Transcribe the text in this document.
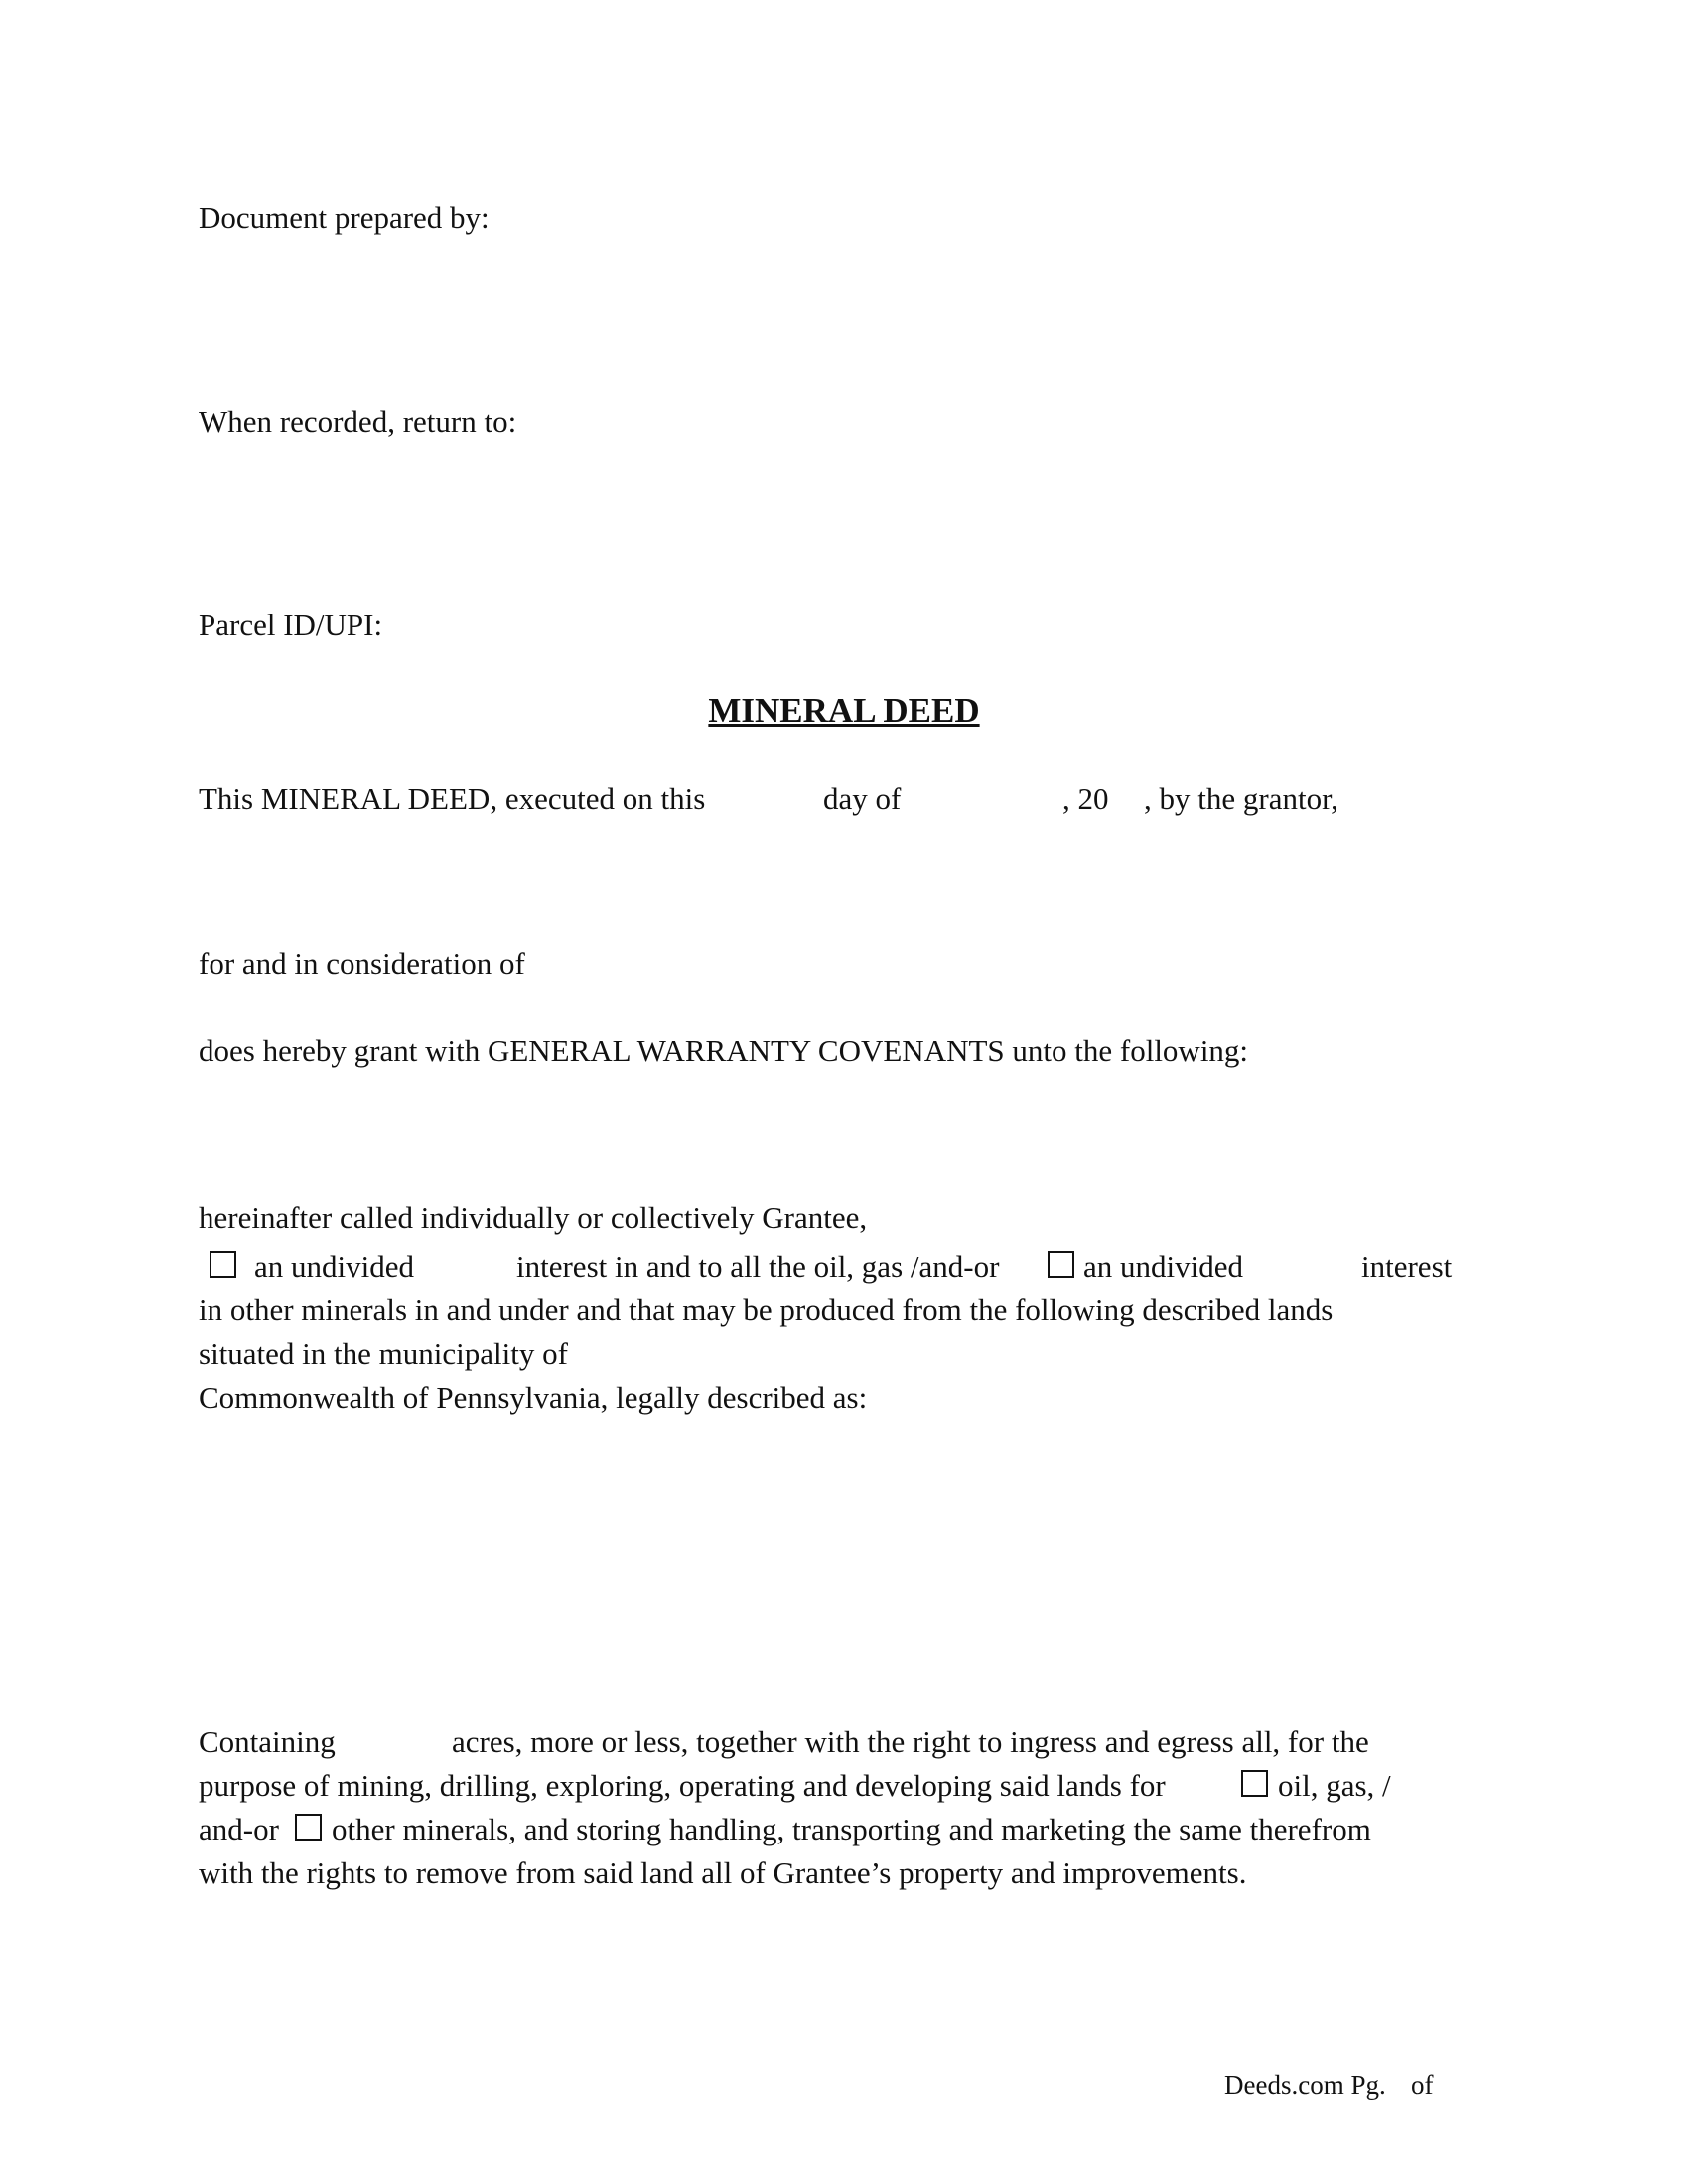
Document prepared by:
When recorded, return to:
Parcel ID/UPI:
MINERAL DEED
This MINERAL DEED, executed on this	day of	, 20 , by the grantor,
for and in consideration of
does hereby grant with GENERAL WARRANTY COVENANTS unto the following:
hereinafter called individually or collectively Grantee,
an undivided	interest in and to all the oil, gas /and-or	an undivided	interest
in other minerals in and under and that may be produced from the following described lands
situated in the municipality of
Commonwealth of Pennsylvania, legally described as:
Containing	acres, more or less, together with the right to ingress and egress all, for the
purpose of mining, drilling, exploring, operating and developing said lands for	oil, gas, /
and-or other minerals, and storing handling, transporting and marketing the same therefrom
with the rights to remove from said land all of Grantee’s property and improvements.
Deeds.com Pg. of
